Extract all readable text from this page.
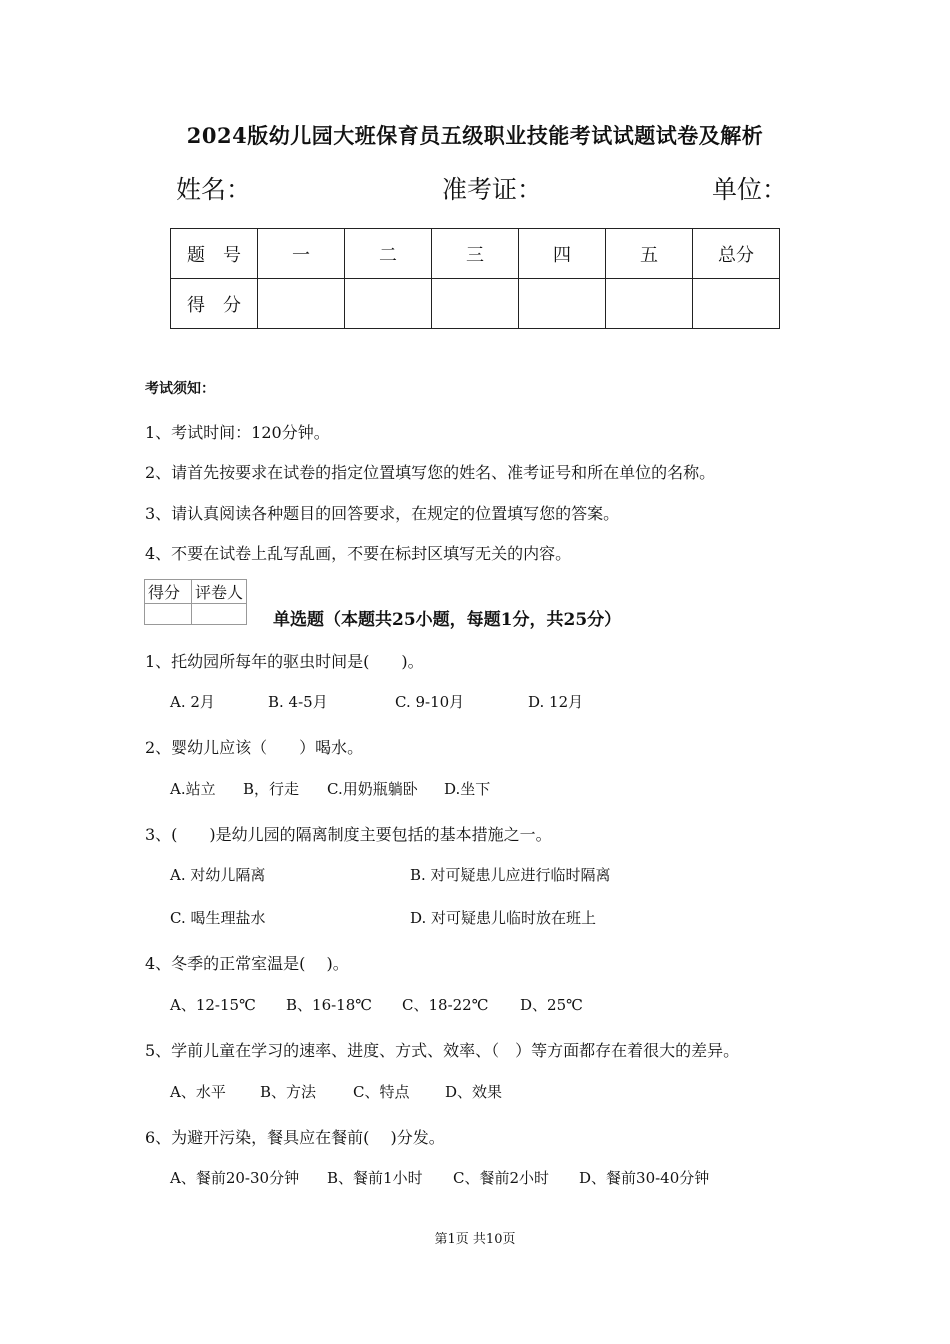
2024版幼儿园大班保育员五级职业技能考试试题试卷及解析
姓名：	准考证：	单位：
题　号	一	二	三	四	五	总分
得　分						
考试须知：
1、考试时间：120分钟。
2、请首先按要求在试卷的指定位置填写您的姓名、准考证号和所在单位的名称。
3、请认真阅读各种题目的回答要求，在规定的位置填写您的答案。
4、不要在试卷上乱写乱画，不要在标封区填写无关的内容。
得分	评卷人

单选题（本题共25小题，每题1分，共25分）
1、托幼园所每年的驱虫时间是(　　)。
A. 2月	B. 4-5月	C. 9-10月	D. 12月
2、婴幼儿应该（　　）喝水。
A.站立 B，行走 C.用奶瓶躺卧 D.坐下
3、(　　)是幼儿园的隔离制度主要包括的基本措施之一。
A. 对幼儿隔离	B. 对可疑患儿应进行临时隔离
C. 喝生理盐水	D. 对可疑患儿临时放在班上
4、冬季的正常室温是(　 )。
A、12-15℃ B、16-18℃ C、18-22℃ D、25℃
5、学前儿童在学习的速率、进度、方式、效率、（　）等方面都存在着很大的差异。
A、水平 B、方法 C、特点 D、效果
6、为避开污染，餐具应在餐前(　 )分发。
A、餐前20-30分钟 B、餐前1小时 C、餐前2小时 D、餐前30-40分钟
第1页 共10页
